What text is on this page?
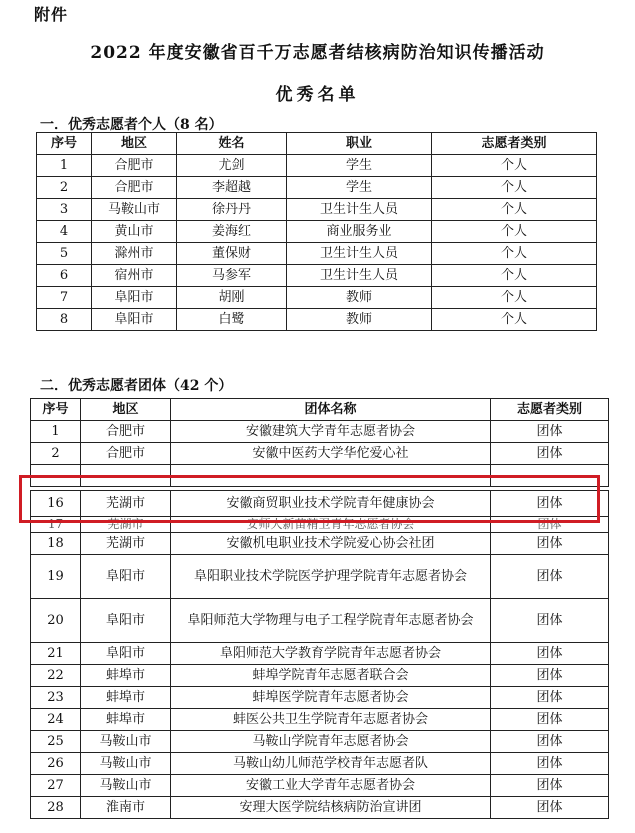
附件
2022 年度安徽省百千万志愿者结核病防治知识传播活动
优秀名单
一．优秀志愿者个人（8 名）
序号	地区	姓名	职业	志愿者类别
1	合肥市	尤剑	学生	个人
2	合肥市	李超越	学生	个人
3	马鞍山市	徐丹丹	卫生计生人员	个人
4	黄山市	姜海红	商业服务业	个人
5	滁州市	董保财	卫生计生人员	个人
6	宿州市	马参军	卫生计生人员	个人
7	阜阳市	胡刚	教师	个人
8	阜阳市	白鹭	教师	个人
二．优秀志愿者团体（42 个）
序号	地区	团体名称	志愿者类别
1	合肥市	安徽建筑大学青年志愿者协会	团体
2	合肥市	安徽中医药大学华佗爱心社	团体

16	芜湖市	安徽商贸职业技术学院青年健康协会	团体
17	芜湖市	安师大新苗精卫青年志愿者协会	团体
18	芜湖市	安徽机电职业技术学院爱心协会社团	团体
19	阜阳市	阜阳职业技术学院医学护理学院青年志愿者协会	团体
20	阜阳市	阜阳师范大学物理与电子工程学院青年志愿者协会	团体
21	阜阳市	阜阳师范大学教育学院青年志愿者协会	团体
22	蚌埠市	蚌埠学院青年志愿者联合会	团体
23	蚌埠市	蚌埠医学院青年志愿者协会	团体
24	蚌埠市	蚌医公共卫生学院青年志愿者协会	团体
25	马鞍山市	马鞍山学院青年志愿者协会	团体
26	马鞍山市	马鞍山幼儿师范学校青年志愿者队	团体
27	马鞍山市	安徽工业大学青年志愿者协会	团体
28	淮南市	安理大医学院结核病防治宣讲团	团体
